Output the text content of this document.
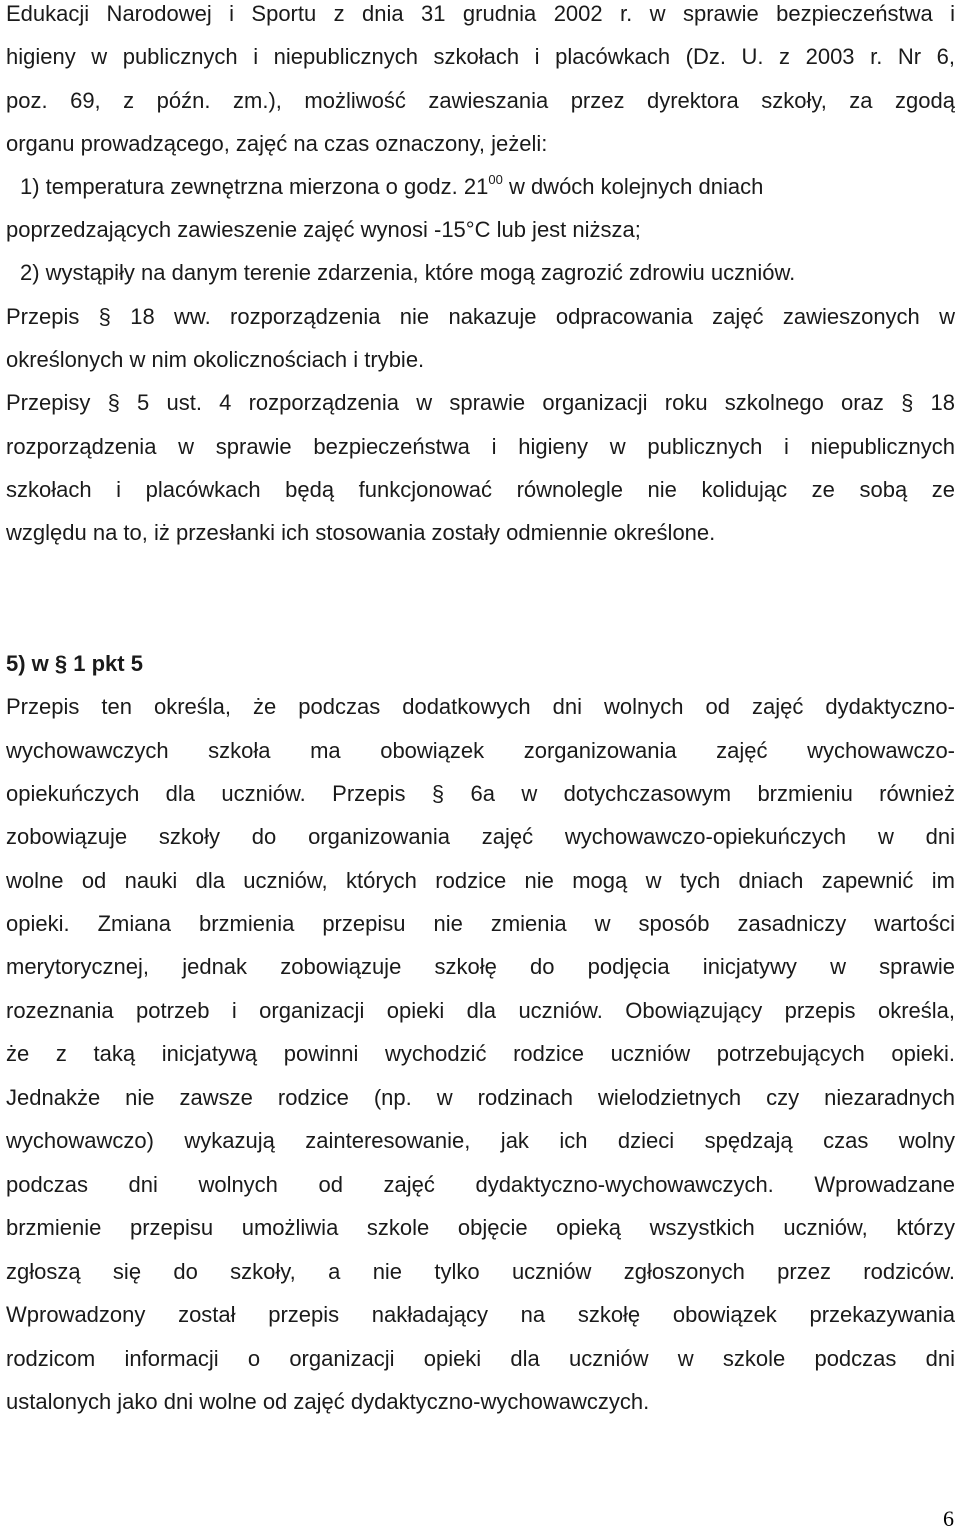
Edukacji Narodowej i Sportu z dnia 31 grudnia 2002 r. w sprawie bezpieczeństwa i
higieny w publicznych i niepublicznych szkołach i placówkach (Dz. U. z 2003 r. Nr 6,
poz. 69, z późn. zm.), możliwość zawieszania przez dyrektora szkoły, za zgodą
organu prowadzącego, zajęć na czas oznaczony, jeżeli:
1) temperatura zewnętrzna mierzona o godz. $21^{00}$ w dwóch kolejnych dniach
poprzedzających zawieszenie zajęć wynosi -15°C lub jest niższa;
2) wystąpiły na danym terenie zdarzenia, które mogą zagrozić zdrowiu uczniów.
Przepis § 18 ww. rozporządzenia nie nakazuje odpracowania zajęć zawieszonych w
określonych w nim okolicznościach i trybie.
Przepisy § 5 ust. 4 rozporządzenia w sprawie organizacji roku szkolnego oraz § 18
rozporządzenia w sprawie bezpieczeństwa i higieny w publicznych i niepublicznych
szkołach i placówkach będą funkcjonować równolegle nie kolidując ze sobą ze
względu na to, iż przesłanki ich stosowania zostały odmiennie określone.
5) w § 1 pkt 5
Przepis ten określa, że podczas dodatkowych dni wolnych od zajęć dydaktyczno-
wychowawczych szkoła ma obowiązek zorganizowania zajęć wychowawczo-
opiekuńczych dla uczniów. Przepis § 6a w dotychczasowym brzmieniu również
zobowiązuje szkoły do organizowania zajęć wychowawczo-opiekuńczych w dni
wolne od nauki dla uczniów, których rodzice nie mogą w tych dniach zapewnić im
opieki. Zmiana brzmienia przepisu nie zmienia w sposób zasadniczy wartości
merytorycznej, jednak zobowiązuje szkołę do podjęcia inicjatywy w sprawie
rozeznania potrzeb i organizacji opieki dla uczniów. Obowiązujący przepis określa,
że z taką inicjatywą powinni wychodzić rodzice uczniów potrzebujących opieki.
Jednakże nie zawsze rodzice (np. w rodzinach wielodzietnych czy niezaradnych
wychowawczo) wykazują zainteresowanie, jak ich dzieci spędzają czas wolny
podczas dni wolnych od zajęć dydaktyczno-wychowawczych. Wprowadzane
brzmienie przepisu umożliwia szkole objęcie opieką wszystkich uczniów, którzy
zgłoszą się do szkoły, a nie tylko uczniów zgłoszonych przez rodziców.
Wprowadzony został przepis nakładający na szkołę obowiązek przekazywania
rodzicom informacji o organizacji opieki dla uczniów w szkole podczas dni
ustalonych jako dni wolne od zajęć dydaktyczno-wychowawczych.
6
